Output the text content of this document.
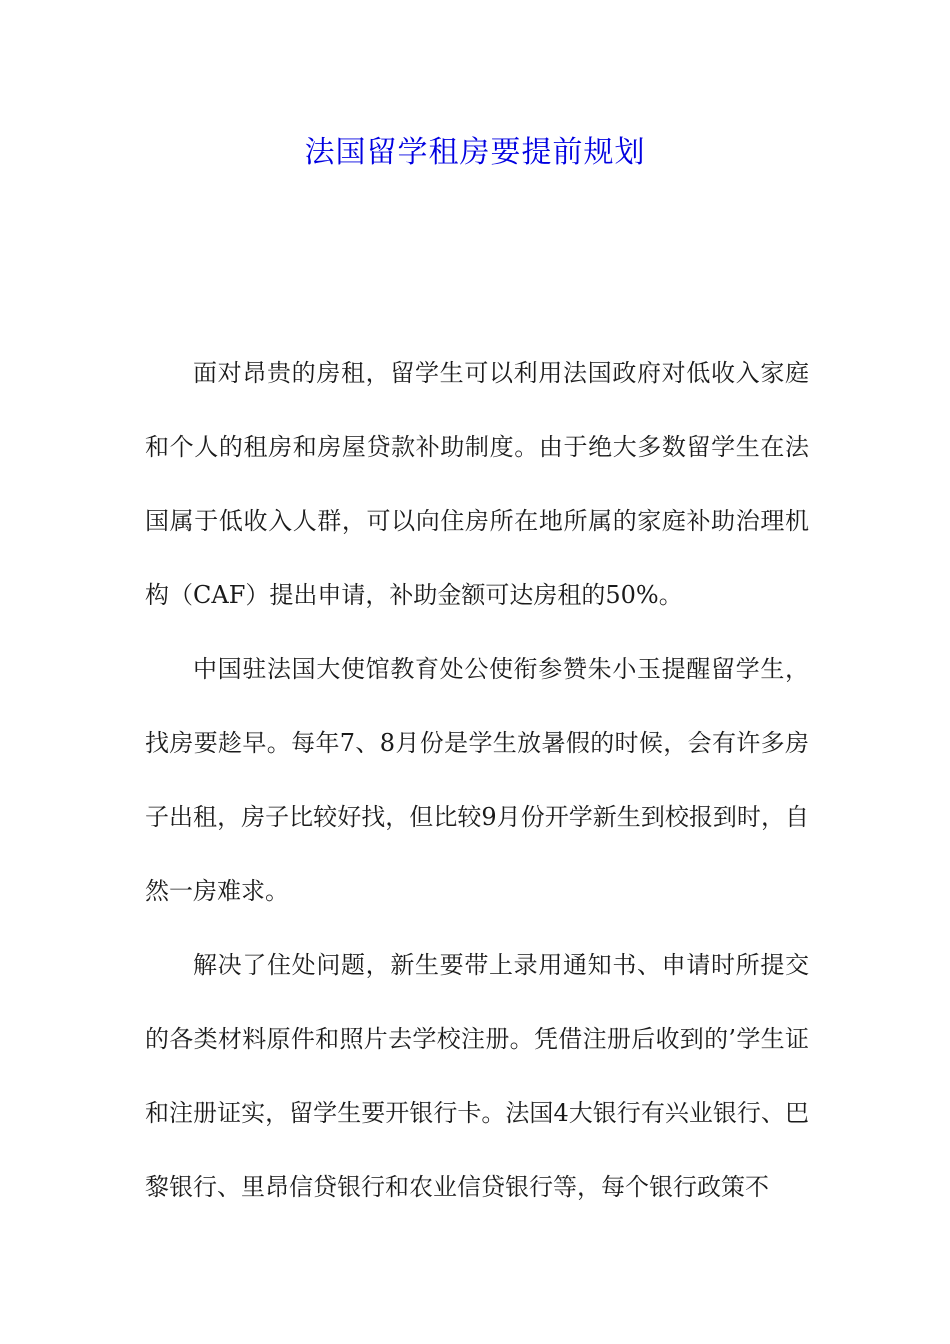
法国留学租房要提前规划

面对昂贵的房租，留学生可以利用法国政府对低收入家庭和个人的租房和房屋贷款补助制度。由于绝大多数留学生在法国属于低收入人群，可以向住房所在地所属的家庭补助治理机构（CAF）提出申请，补助金额可达房租的50%。

中国驻法国大使馆教育处公使衔参赞朱小玉提醒留学生，找房要趁早。每年7、8月份是学生放暑假的时候，会有许多房子出租，房子比较好找，但比较9月份开学新生到校报到时，自然一房难求。

解决了住处问题，新生要带上录用通知书、申请时所提交的各类材料原件和照片去学校注册。凭借注册后收到的’学生证和注册证实，留学生要开银行卡。法国4大银行有兴业银行、巴黎银行、里昂信贷银行和农业信贷银行等，每个银行政策不
